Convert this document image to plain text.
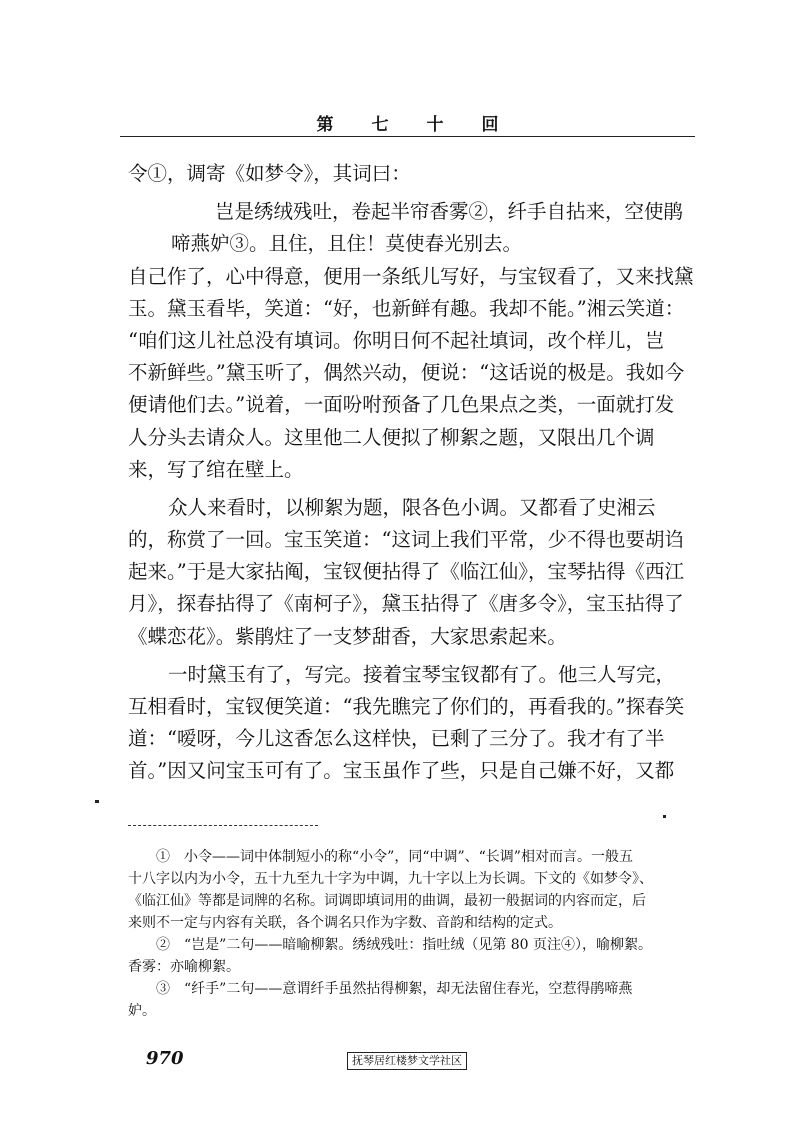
第七十回
令①，调寄《如梦令》，其词曰：
岂是绣绒残吐，卷起半帘香雾②，纤手自拈来，空使鹃
啼燕妒③。且住，且住！莫使春光别去。
自己作了，心中得意，便用一条纸儿写好，与宝钗看了，又来找黛
玉。黛玉看毕，笑道：“好，也新鲜有趣。我却不能。”湘云笑道：
“咱们这儿社总没有填词。你明日何不起社填词，改个样儿，岂
不新鲜些。”黛玉听了，偶然兴动，便说：“这话说的极是。我如今
便请他们去。”说着，一面吩咐预备了几色果点之类，一面就打发
人分头去请众人。这里他二人便拟了柳絮之题，又限出几个调
来，写了绾在壁上。
众人来看时，以柳絮为题，限各色小调。又都看了史湘云
的，称赏了一回。宝玉笑道：“这词上我们平常，少不得也要胡诌
起来。”于是大家拈阄，宝钗便拈得了《临江仙》，宝琴拈得《西江
月》，探春拈得了《南柯子》，黛玉拈得了《唐多令》，宝玉拈得了
《蝶恋花》。紫鹃炷了一支梦甜香，大家思索起来。
一时黛玉有了，写完。接着宝琴宝钗都有了。他三人写完，
互相看时，宝钗便笑道：“我先瞧完了你们的，再看我的。”探春笑
道：“嗳呀，今儿这香怎么这样快，已剩了三分了。我才有了半
首。”因又问宝玉可有了。宝玉虽作了些，只是自己嫌不好，又都
①　小令——词中体制短小的称“小令”，同“中调”、“长调”相对而言。一般五
十八字以内为小令，五十九至九十字为中调，九十字以上为长调。下文的《如梦令》、
《临江仙》等都是词牌的名称。词调即填词用的曲调，最初一般据词的内容而定，后
来则不一定与内容有关联，各个调名只作为字数、音韵和结构的定式。
②　“岂是”二句——暗喻柳絮。绣绒残吐：指吐绒（见第 80 页注④），喻柳絮。
香雾：亦喻柳絮。
③　“纤手”二句——意谓纤手虽然拈得柳絮，却无法留住春光，空惹得鹃啼燕
妒。
970	抚琴居红楼梦文学社区
